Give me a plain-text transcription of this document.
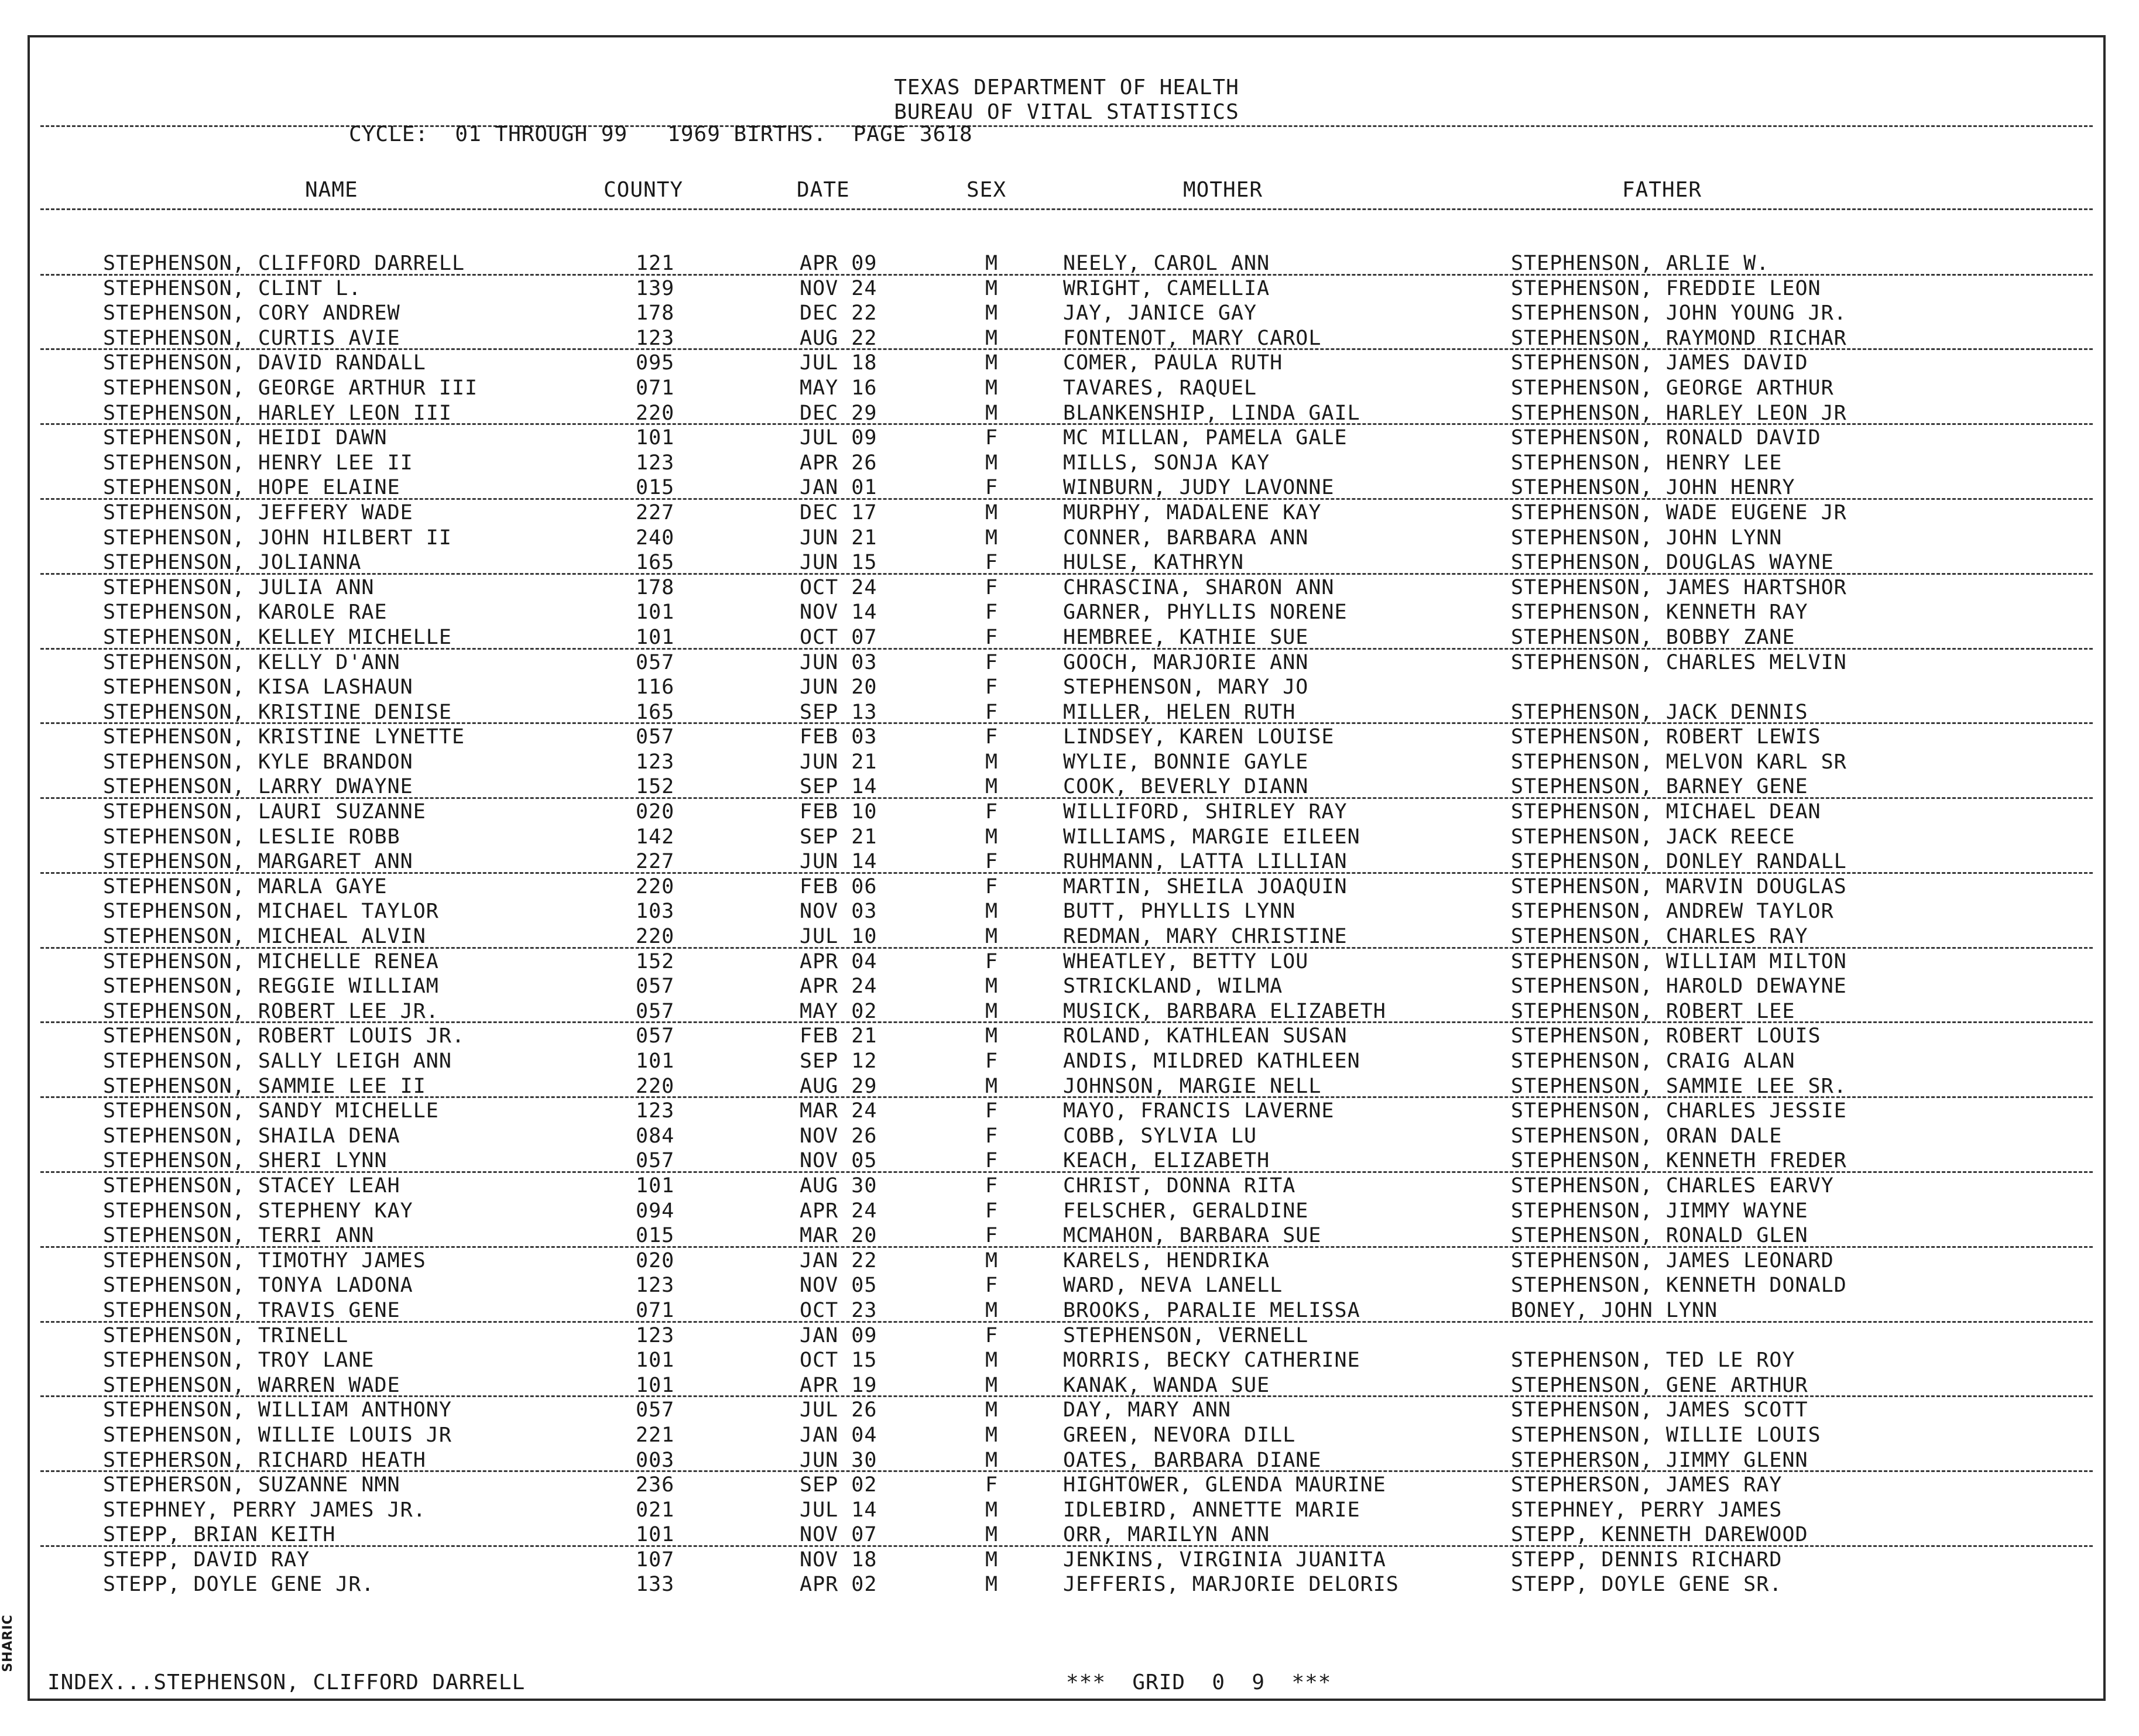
TEXAS DEPARTMENT OF HEALTH
BUREAU OF VITAL STATISTICS
CYCLE:  01 THROUGH 99   1969 BIRTHS.  PAGE 3618
NAME	COUNTY	DATE	SEX	MOTHER	FATHER
STEPHENSON, CLIFFORD DARRELL	121	APR 09	M	NEELY, CAROL ANN	STEPHENSON, ARLIE W.
STEPHENSON, CLINT L.	139	NOV 24	M	WRIGHT, CAMELLIA	STEPHENSON, FREDDIE LEON
STEPHENSON, CORY ANDREW	178	DEC 22	M	JAY, JANICE GAY	STEPHENSON, JOHN YOUNG JR.
STEPHENSON, CURTIS AVIE	123	AUG 22	M	FONTENOT, MARY CAROL	STEPHENSON, RAYMOND RICHAR
STEPHENSON, DAVID RANDALL	095	JUL 18	M	COMER, PAULA RUTH	STEPHENSON, JAMES DAVID
STEPHENSON, GEORGE ARTHUR III	071	MAY 16	M	TAVARES, RAQUEL	STEPHENSON, GEORGE ARTHUR
STEPHENSON, HARLEY LEON III	220	DEC 29	M	BLANKENSHIP, LINDA GAIL	STEPHENSON, HARLEY LEON JR
STEPHENSON, HEIDI DAWN	101	JUL 09	F	MC MILLAN, PAMELA GALE	STEPHENSON, RONALD DAVID
STEPHENSON, HENRY LEE II	123	APR 26	M	MILLS, SONJA KAY	STEPHENSON, HENRY LEE
STEPHENSON, HOPE ELAINE	015	JAN 01	F	WINBURN, JUDY LAVONNE	STEPHENSON, JOHN HENRY
STEPHENSON, JEFFERY WADE	227	DEC 17	M	MURPHY, MADALENE KAY	STEPHENSON, WADE EUGENE JR
STEPHENSON, JOHN HILBERT II	240	JUN 21	M	CONNER, BARBARA ANN	STEPHENSON, JOHN LYNN
STEPHENSON, JOLIANNA	165	JUN 15	F	HULSE, KATHRYN	STEPHENSON, DOUGLAS WAYNE
STEPHENSON, JULIA ANN	178	OCT 24	F	CHRASCINA, SHARON ANN	STEPHENSON, JAMES HARTSHOR
STEPHENSON, KAROLE RAE	101	NOV 14	F	GARNER, PHYLLIS NORENE	STEPHENSON, KENNETH RAY
STEPHENSON, KELLEY MICHELLE	101	OCT 07	F	HEMBREE, KATHIE SUE	STEPHENSON, BOBBY ZANE
STEPHENSON, KELLY D'ANN	057	JUN 03	F	GOOCH, MARJORIE ANN	STEPHENSON, CHARLES MELVIN
STEPHENSON, KISA LASHAUN	116	JUN 20	F	STEPHENSON, MARY JO
STEPHENSON, KRISTINE DENISE	165	SEP 13	F	MILLER, HELEN RUTH	STEPHENSON, JACK DENNIS
STEPHENSON, KRISTINE LYNETTE	057	FEB 03	F	LINDSEY, KAREN LOUISE	STEPHENSON, ROBERT LEWIS
STEPHENSON, KYLE BRANDON	123	JUN 21	M	WYLIE, BONNIE GAYLE	STEPHENSON, MELVON KARL SR
STEPHENSON, LARRY DWAYNE	152	SEP 14	M	COOK, BEVERLY DIANN	STEPHENSON, BARNEY GENE
STEPHENSON, LAURI SUZANNE	020	FEB 10	F	WILLIFORD, SHIRLEY RAY	STEPHENSON, MICHAEL DEAN
STEPHENSON, LESLIE ROBB	142	SEP 21	M	WILLIAMS, MARGIE EILEEN	STEPHENSON, JACK REECE
STEPHENSON, MARGARET ANN	227	JUN 14	F	RUHMANN, LATTA LILLIAN	STEPHENSON, DONLEY RANDALL
STEPHENSON, MARLA GAYE	220	FEB 06	F	MARTIN, SHEILA JOAQUIN	STEPHENSON, MARVIN DOUGLAS
STEPHENSON, MICHAEL TAYLOR	103	NOV 03	M	BUTT, PHYLLIS LYNN	STEPHENSON, ANDREW TAYLOR
STEPHENSON, MICHEAL ALVIN	220	JUL 10	M	REDMAN, MARY CHRISTINE	STEPHENSON, CHARLES RAY
STEPHENSON, MICHELLE RENEA	152	APR 04	F	WHEATLEY, BETTY LOU	STEPHENSON, WILLIAM MILTON
STEPHENSON, REGGIE WILLIAM	057	APR 24	M	STRICKLAND, WILMA	STEPHENSON, HAROLD DEWAYNE
STEPHENSON, ROBERT LEE JR.	057	MAY 02	M	MUSICK, BARBARA ELIZABETH	STEPHENSON, ROBERT LEE
STEPHENSON, ROBERT LOUIS JR.	057	FEB 21	M	ROLAND, KATHLEAN SUSAN	STEPHENSON, ROBERT LOUIS
STEPHENSON, SALLY LEIGH ANN	101	SEP 12	F	ANDIS, MILDRED KATHLEEN	STEPHENSON, CRAIG ALAN
STEPHENSON, SAMMIE LEE II	220	AUG 29	M	JOHNSON, MARGIE NELL	STEPHENSON, SAMMIE LEE SR.
STEPHENSON, SANDY MICHELLE	123	MAR 24	F	MAYO, FRANCIS LAVERNE	STEPHENSON, CHARLES JESSIE
STEPHENSON, SHAILA DENA	084	NOV 26	F	COBB, SYLVIA LU	STEPHENSON, ORAN DALE
STEPHENSON, SHERI LYNN	057	NOV 05	F	KEACH, ELIZABETH	STEPHENSON, KENNETH FREDER
STEPHENSON, STACEY LEAH	101	AUG 30	F	CHRIST, DONNA RITA	STEPHENSON, CHARLES EARVY
STEPHENSON, STEPHENY KAY	094	APR 24	F	FELSCHER, GERALDINE	STEPHENSON, JIMMY WAYNE
STEPHENSON, TERRI ANN	015	MAR 20	F	MCMAHON, BARBARA SUE	STEPHENSON, RONALD GLEN
STEPHENSON, TIMOTHY JAMES	020	JAN 22	M	KARELS, HENDRIKA	STEPHENSON, JAMES LEONARD
STEPHENSON, TONYA LADONA	123	NOV 05	F	WARD, NEVA LANELL	STEPHENSON, KENNETH DONALD
STEPHENSON, TRAVIS GENE	071	OCT 23	M	BROOKS, PARALIE MELISSA	BONEY, JOHN LYNN
STEPHENSON, TRINELL	123	JAN 09	F	STEPHENSON, VERNELL
STEPHENSON, TROY LANE	101	OCT 15	M	MORRIS, BECKY CATHERINE	STEPHENSON, TED LE ROY
STEPHENSON, WARREN WADE	101	APR 19	M	KANAK, WANDA SUE	STEPHENSON, GENE ARTHUR
STEPHENSON, WILLIAM ANTHONY	057	JUL 26	M	DAY, MARY ANN	STEPHENSON, JAMES SCOTT
STEPHENSON, WILLIE LOUIS JR	221	JAN 04	M	GREEN, NEVORA DILL	STEPHENSON, WILLIE LOUIS
STEPHERSON, RICHARD HEATH	003	JUN 30	M	OATES, BARBARA DIANE	STEPHERSON, JIMMY GLENN
STEPHERSON, SUZANNE NMN	236	SEP 02	F	HIGHTOWER, GLENDA MAURINE	STEPHERSON, JAMES RAY
STEPHNEY, PERRY JAMES JR.	021	JUL 14	M	IDLEBIRD, ANNETTE MARIE	STEPHNEY, PERRY JAMES
STEPP, BRIAN KEITH	101	NOV 07	M	ORR, MARILYN ANN	STEPP, KENNETH DAREWOOD
STEPP, DAVID RAY	107	NOV 18	M	JENKINS, VIRGINIA JUANITA	STEPP, DENNIS RICHARD
STEPP, DOYLE GENE JR.	133	APR 02	M	JEFFERIS, MARJORIE DELORIS	STEPP, DOYLE GENE SR.
INDEX...STEPHENSON, CLIFFORD DARRELL	***  GRID  0  9  ***
SHARIC
